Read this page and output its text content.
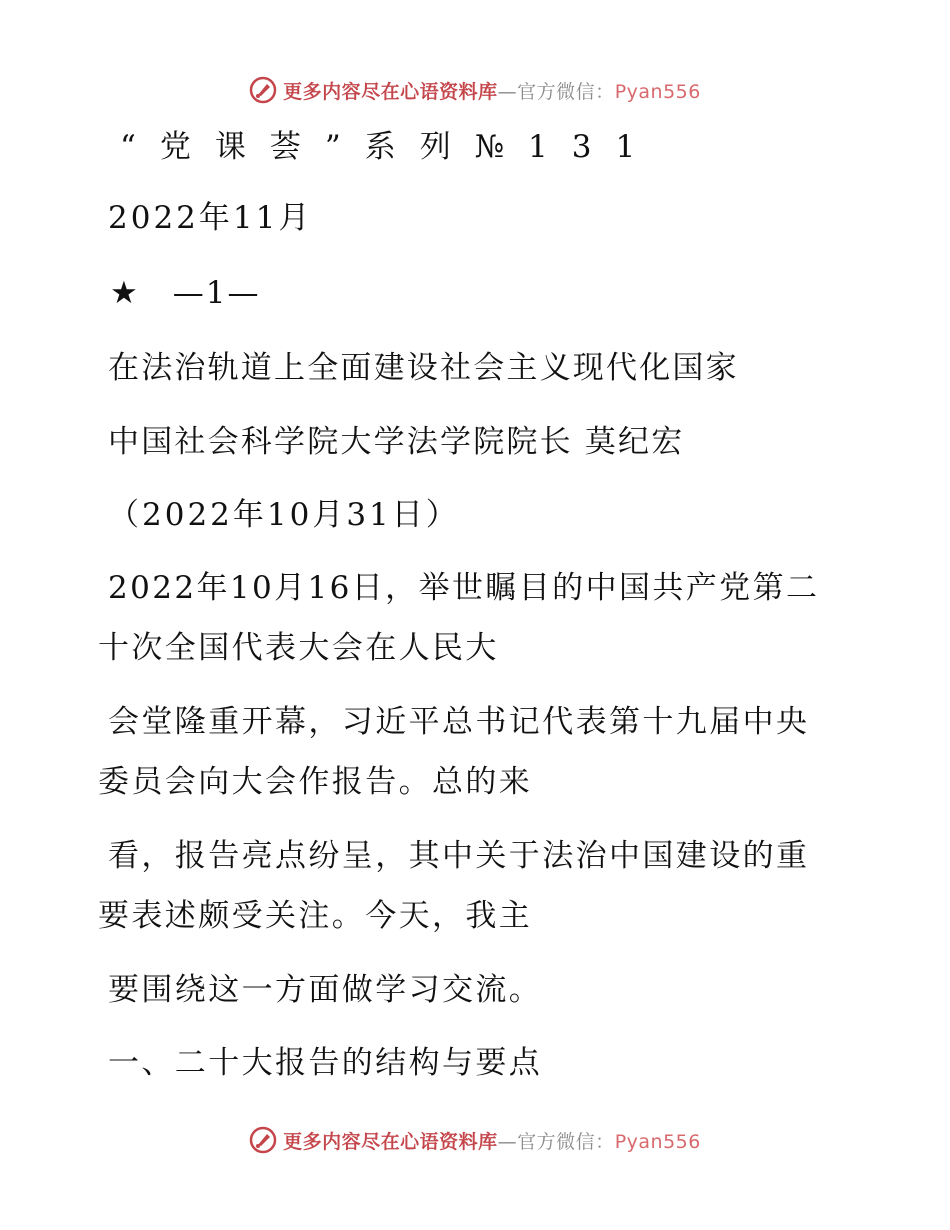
更多内容尽在心语资料库—官方微信：Pyan556
“党课荟”系列№131
2022年11月
★　—1—
在法治轨道上全面建设社会主义现代化国家
中国社会科学院大学法学院院长 莫纪宏
（2022年10月31日）
2022年10月16日，举世瞩目的中国共产党第二
十次全国代表大会在人民大
会堂隆重开幕，习近平总书记代表第十九届中央
委员会向大会作报告。总的来
看，报告亮点纷呈，其中关于法治中国建设的重
要表述颇受关注。今天，我主
要围绕这一方面做学习交流。
一、二十大报告的结构与要点
更多内容尽在心语资料库—官方微信：Pyan556
